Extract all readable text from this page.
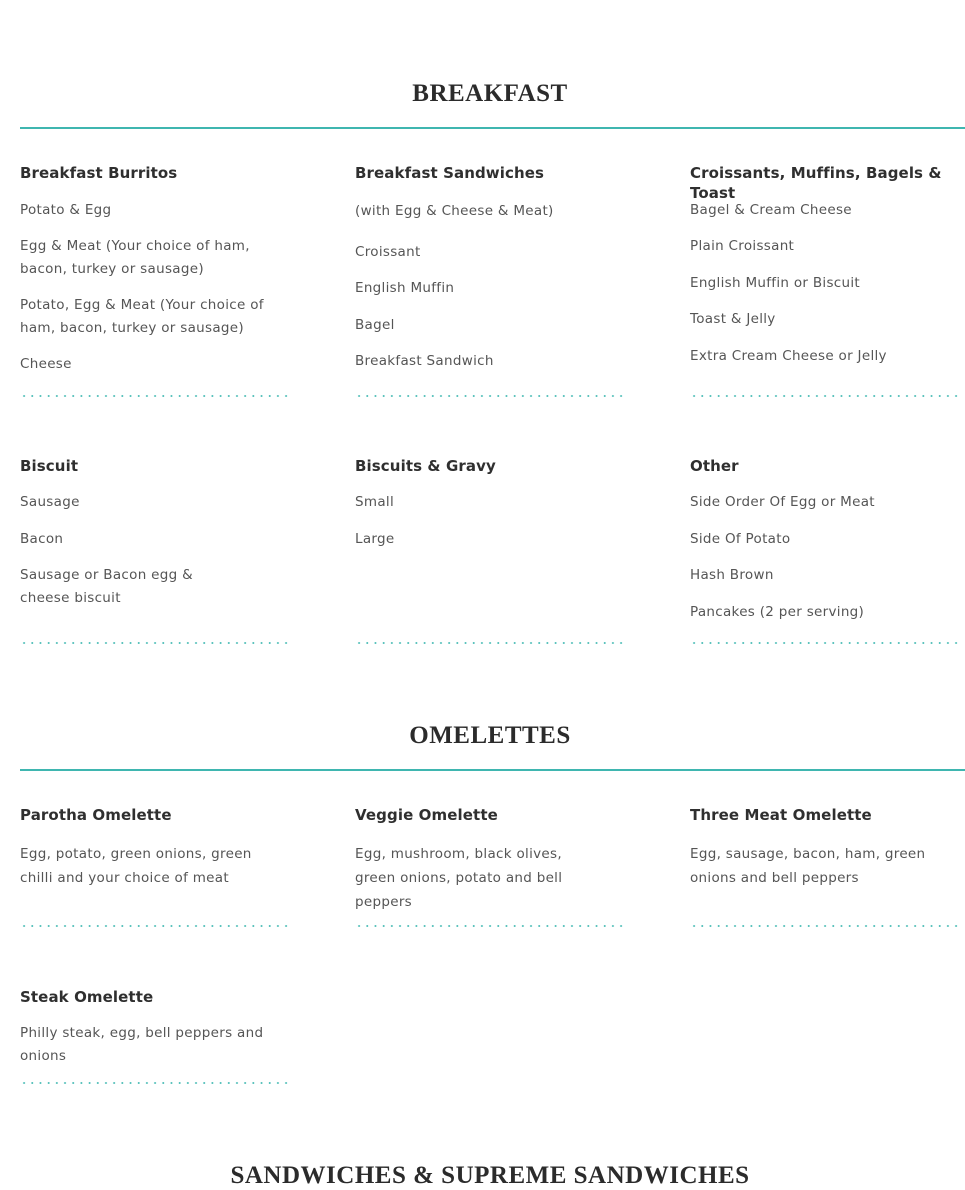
BREAKFAST
Breakfast Burritos
Potato & Egg
Egg & Meat (Your choice of ham, bacon, turkey or sausage)
Potato, Egg & Meat (Your choice of ham, bacon, turkey or sausage)
Cheese
Breakfast Sandwiches
(with Egg & Cheese & Meat)
Croissant
English Muffin
Bagel
Breakfast Sandwich
Croissants, Muffins, Bagels & Toast
Bagel & Cream Cheese
Plain Croissant
English Muffin or Biscuit
Toast & Jelly
Extra Cream Cheese or Jelly
Biscuit
Sausage
Bacon
Sausage or Bacon egg & cheese biscuit
Biscuits & Gravy
Small
Large
Other
Side Order Of Egg or Meat
Side Of Potato
Hash Brown
Pancakes (2 per serving)
OMELETTES
Parotha Omelette
Egg, potato, green onions, green chilli and your choice of meat
Veggie Omelette
Egg, mushroom, black olives, green onions, potato and bell peppers
Three Meat Omelette
Egg, sausage, bacon, ham, green onions and bell peppers
Steak Omelette
Philly steak, egg, bell peppers and onions
SANDWICHES & SUPREME SANDWICHES
